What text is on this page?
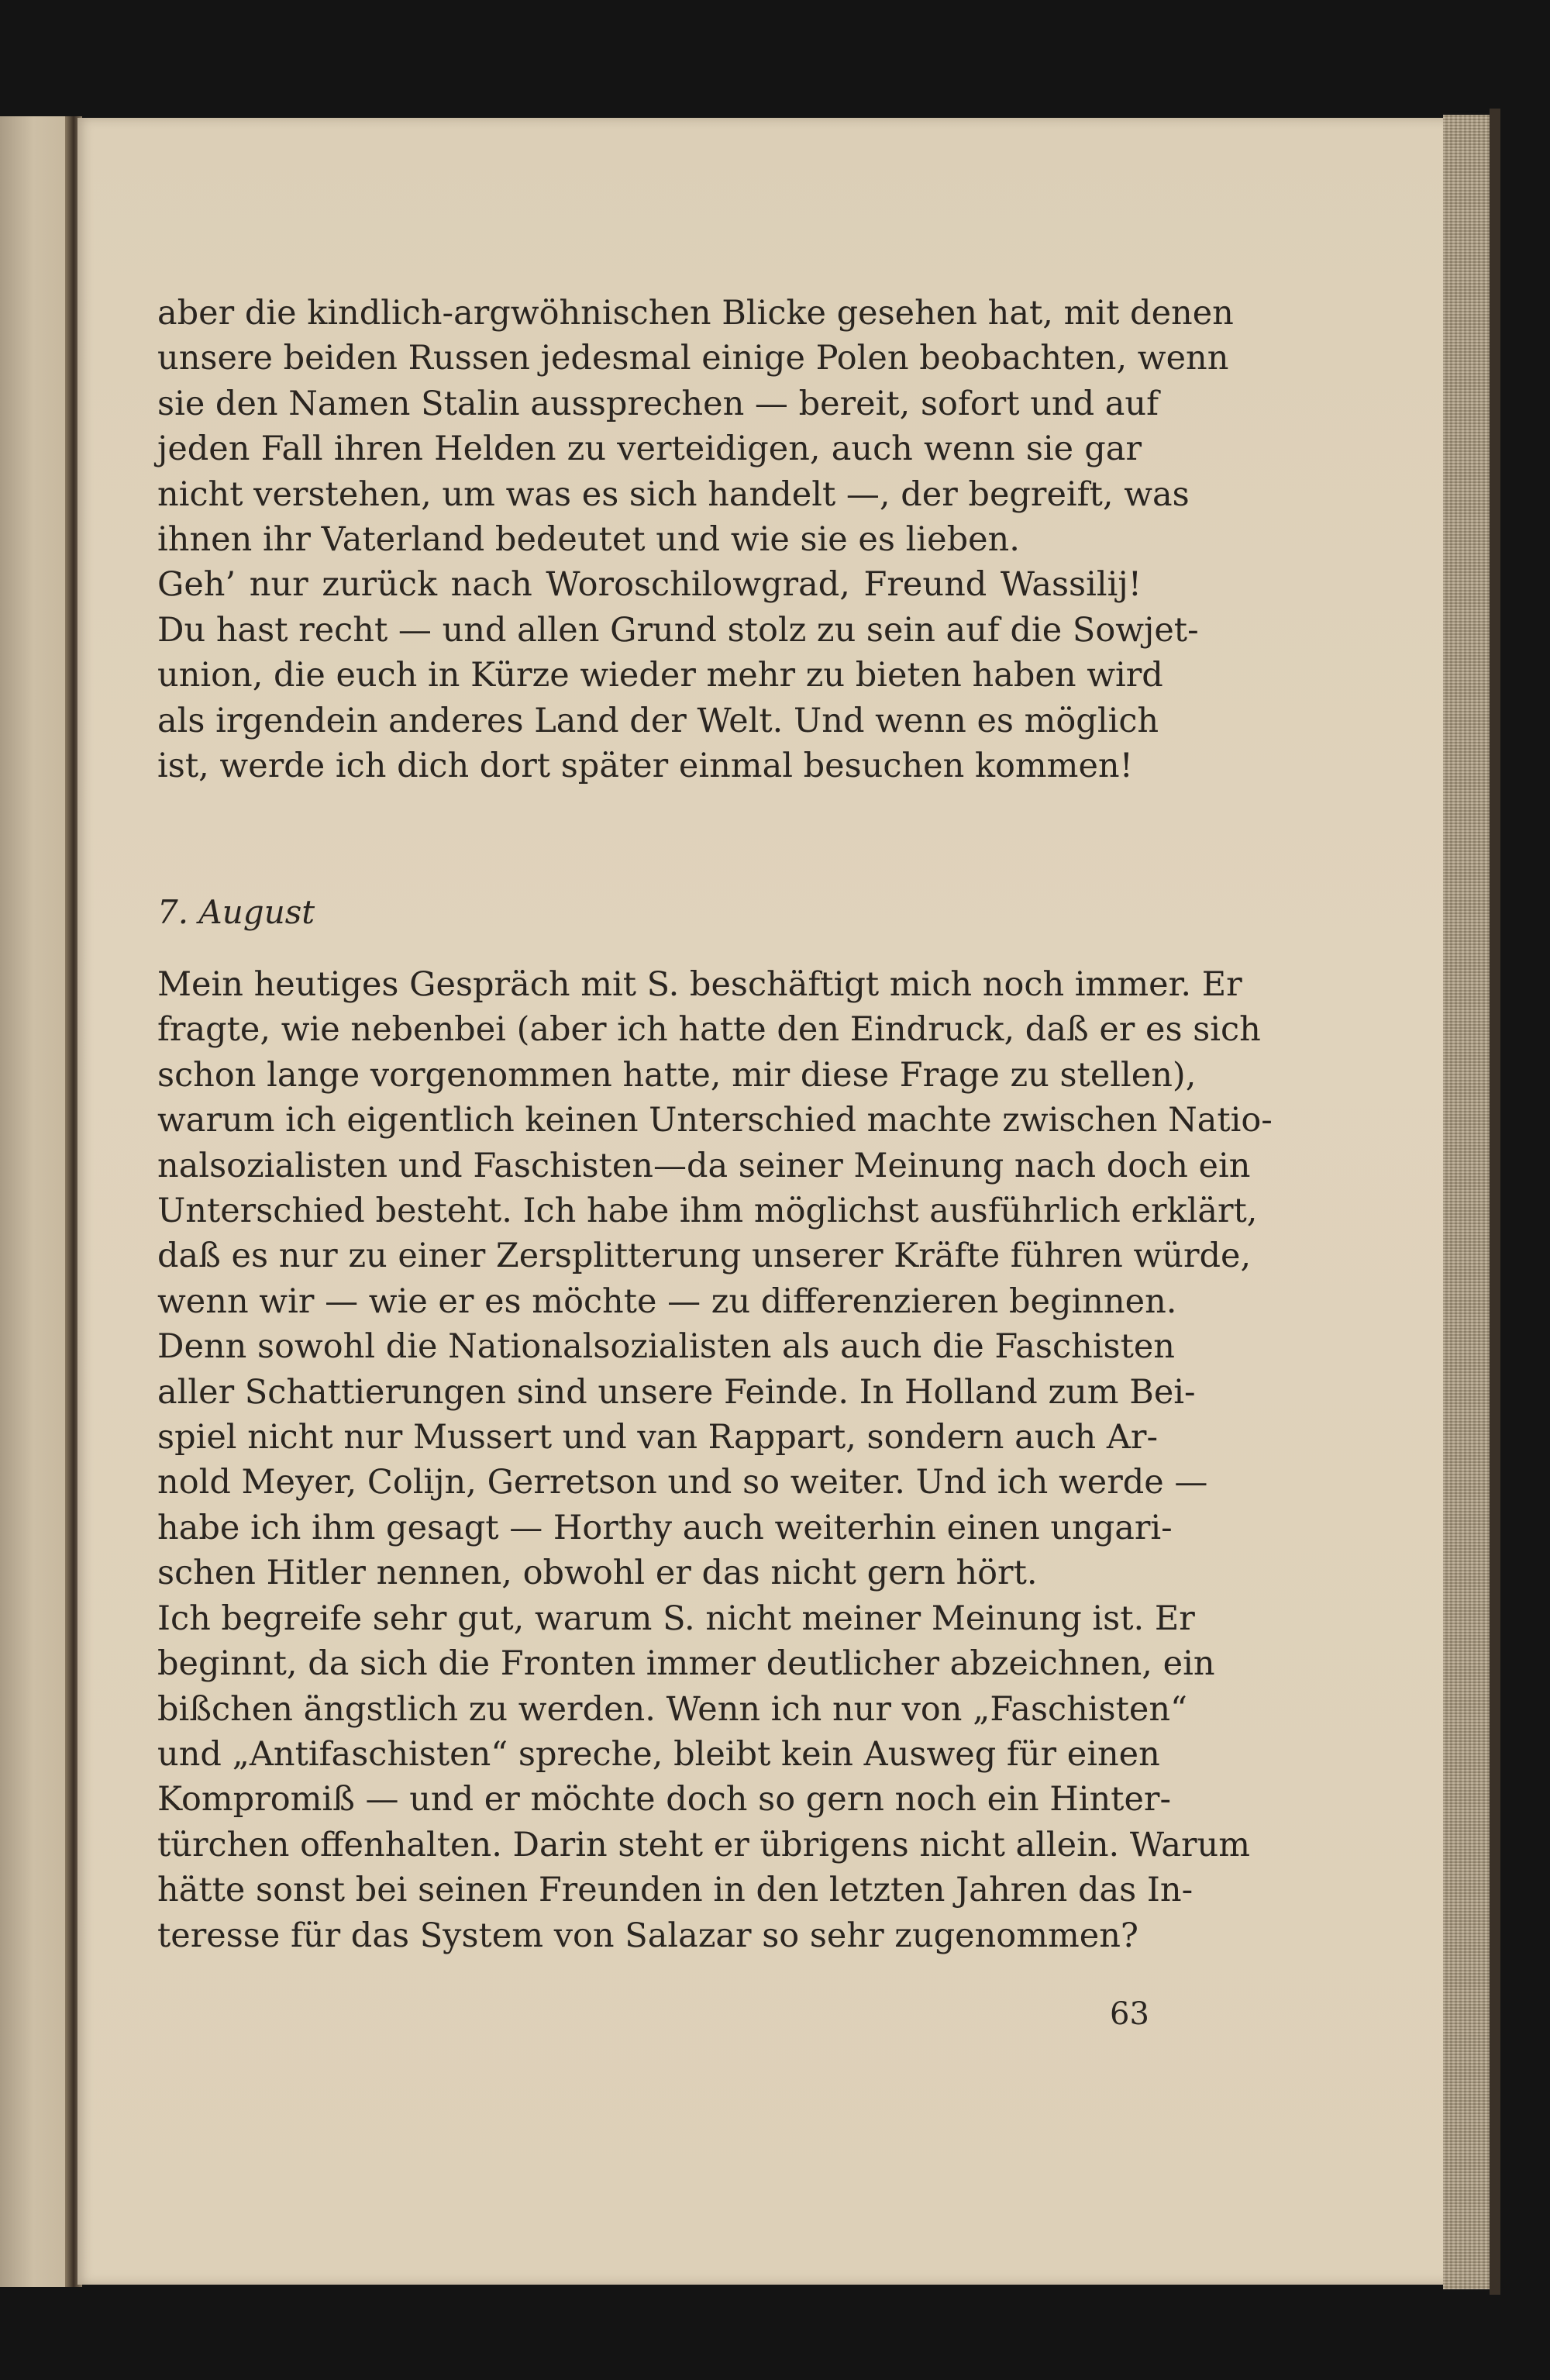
aber die kindlich-argwöhnischen Blicke gesehen hat, mit denen
unsere beiden Russen jedesmal einige Polen beobachten, wenn
sie den Namen Stalin aussprechen — bereit, sofort und auf
jeden Fall ihren Helden zu verteidigen, auch wenn sie gar
nicht verstehen, um was es sich handelt —, der begreift, was
ihnen ihr Vaterland bedeutet und wie sie es lieben.
Geh’ nur zurück nach Woroschilowgrad, Freund Wassilij!
Du hast recht — und allen Grund stolz zu sein auf die Sowjet-
union, die euch in Kürze wieder mehr zu bieten haben wird
als irgendein anderes Land der Welt. Und wenn es möglich
ist, werde ich dich dort später einmal besuchen kommen!
7. August
Mein heutiges Gespräch mit S. beschäftigt mich noch immer. Er
fragte, wie nebenbei (aber ich hatte den Eindruck, daß er es sich
schon lange vorgenommen hatte, mir diese Frage zu stellen),
warum ich eigentlich keinen Unterschied machte zwischen Natio-
nalsozialisten und Faschisten—da seiner Meinung nach doch ein
Unterschied besteht. Ich habe ihm möglichst ausführlich erklärt,
daß es nur zu einer Zersplitterung unserer Kräfte führen würde,
wenn wir — wie er es möchte — zu differenzieren beginnen.
Denn sowohl die Nationalsozialisten als auch die Faschisten
aller Schattierungen sind unsere Feinde. In Holland zum Bei-
spiel nicht nur Mussert und van Rappart, sondern auch Ar-
nold Meyer, Colijn, Gerretson und so weiter. Und ich werde —
habe ich ihm gesagt — Horthy auch weiterhin einen ungari-
schen Hitler nennen, obwohl er das nicht gern hört.
Ich begreife sehr gut, warum S. nicht meiner Meinung ist. Er
beginnt, da sich die Fronten immer deutlicher abzeichnen, ein
bißchen ängstlich zu werden. Wenn ich nur von „Faschisten“
und „Antifaschisten“ spreche, bleibt kein Ausweg für einen
Kompromiß — und er möchte doch so gern noch ein Hinter-
türchen offenhalten. Darin steht er übrigens nicht allein. Warum
hätte sonst bei seinen Freunden in den letzten Jahren das In-
teresse für das System von Salazar so sehr zugenommen?
63
